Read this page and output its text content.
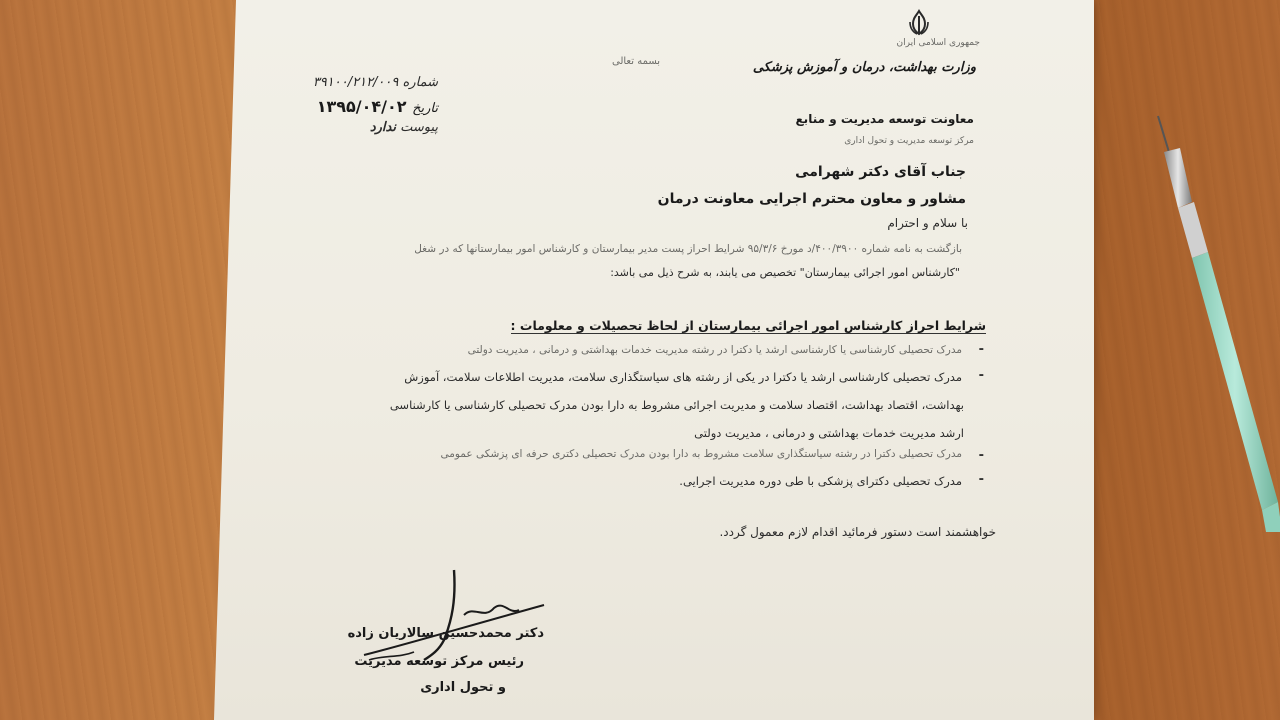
جمهوری اسلامی ایران
وزارت بهداشت، درمان و آموزش پزشکی
بسمه تعالی
شماره ۳۹۱۰۰/۲۱۲/۰۰۹
تاریخ ۱۳۹۵/۰۴/۰۲
پیوست ندارد
معاونت توسعه مدیریت و منابع
مرکز توسعه مدیریت و تحول اداری
جناب آقای دکتر شهرامی
مشاور و معاون محترم اجرایی معاونت درمان
با سلام و احترام
بازگشت به نامه شماره ۴۰۰/۳۹۰۰/د مورخ ۹۵/۳/۶ شرایط احراز پست مدیر بیمارستان و کارشناس امور بیمارستانها که در شغل
"کارشناس امور اجرائی بیمارستان" تخصیص می یابند، به شرح ذیل می باشد:
شرایط احراز کارشناس امور اجرائی بیمارستان از لحاظ تحصیلات و معلومات :
-
مدرک تحصیلی کارشناسی یا کارشناسی ارشد یا دکترا در رشته مدیریت خدمات بهداشتی و درمانی ، مدیریت دولتی
-
مدرک تحصیلی کارشناسی ارشد یا دکترا در یکی از رشته های سیاستگذاری سلامت، مدیریت اطلاعات سلامت، آموزش
بهداشت، اقتصاد بهداشت، اقتصاد سلامت و مدیریت اجرائی مشروط به دارا بودن مدرک تحصیلی کارشناسی یا کارشناسی
ارشد مدیریت خدمات بهداشتی و درمانی ، مدیریت دولتی
-
مدرک تحصیلی دکترا در رشته سیاستگذاری سلامت مشروط به دارا بودن مدرک تحصیلی دکتری حرفه ای پزشکی عمومی
-
مدرک تحصیلی دکترای پزشکی با طی دوره مدیریت اجرایی.
خواهشمند است دستور فرمائید اقدام لازم معمول گردد.
دکتر محمدحسین سالاریان زاده
رئیس مرکز توسعه مدیریت
و تحول اداری
